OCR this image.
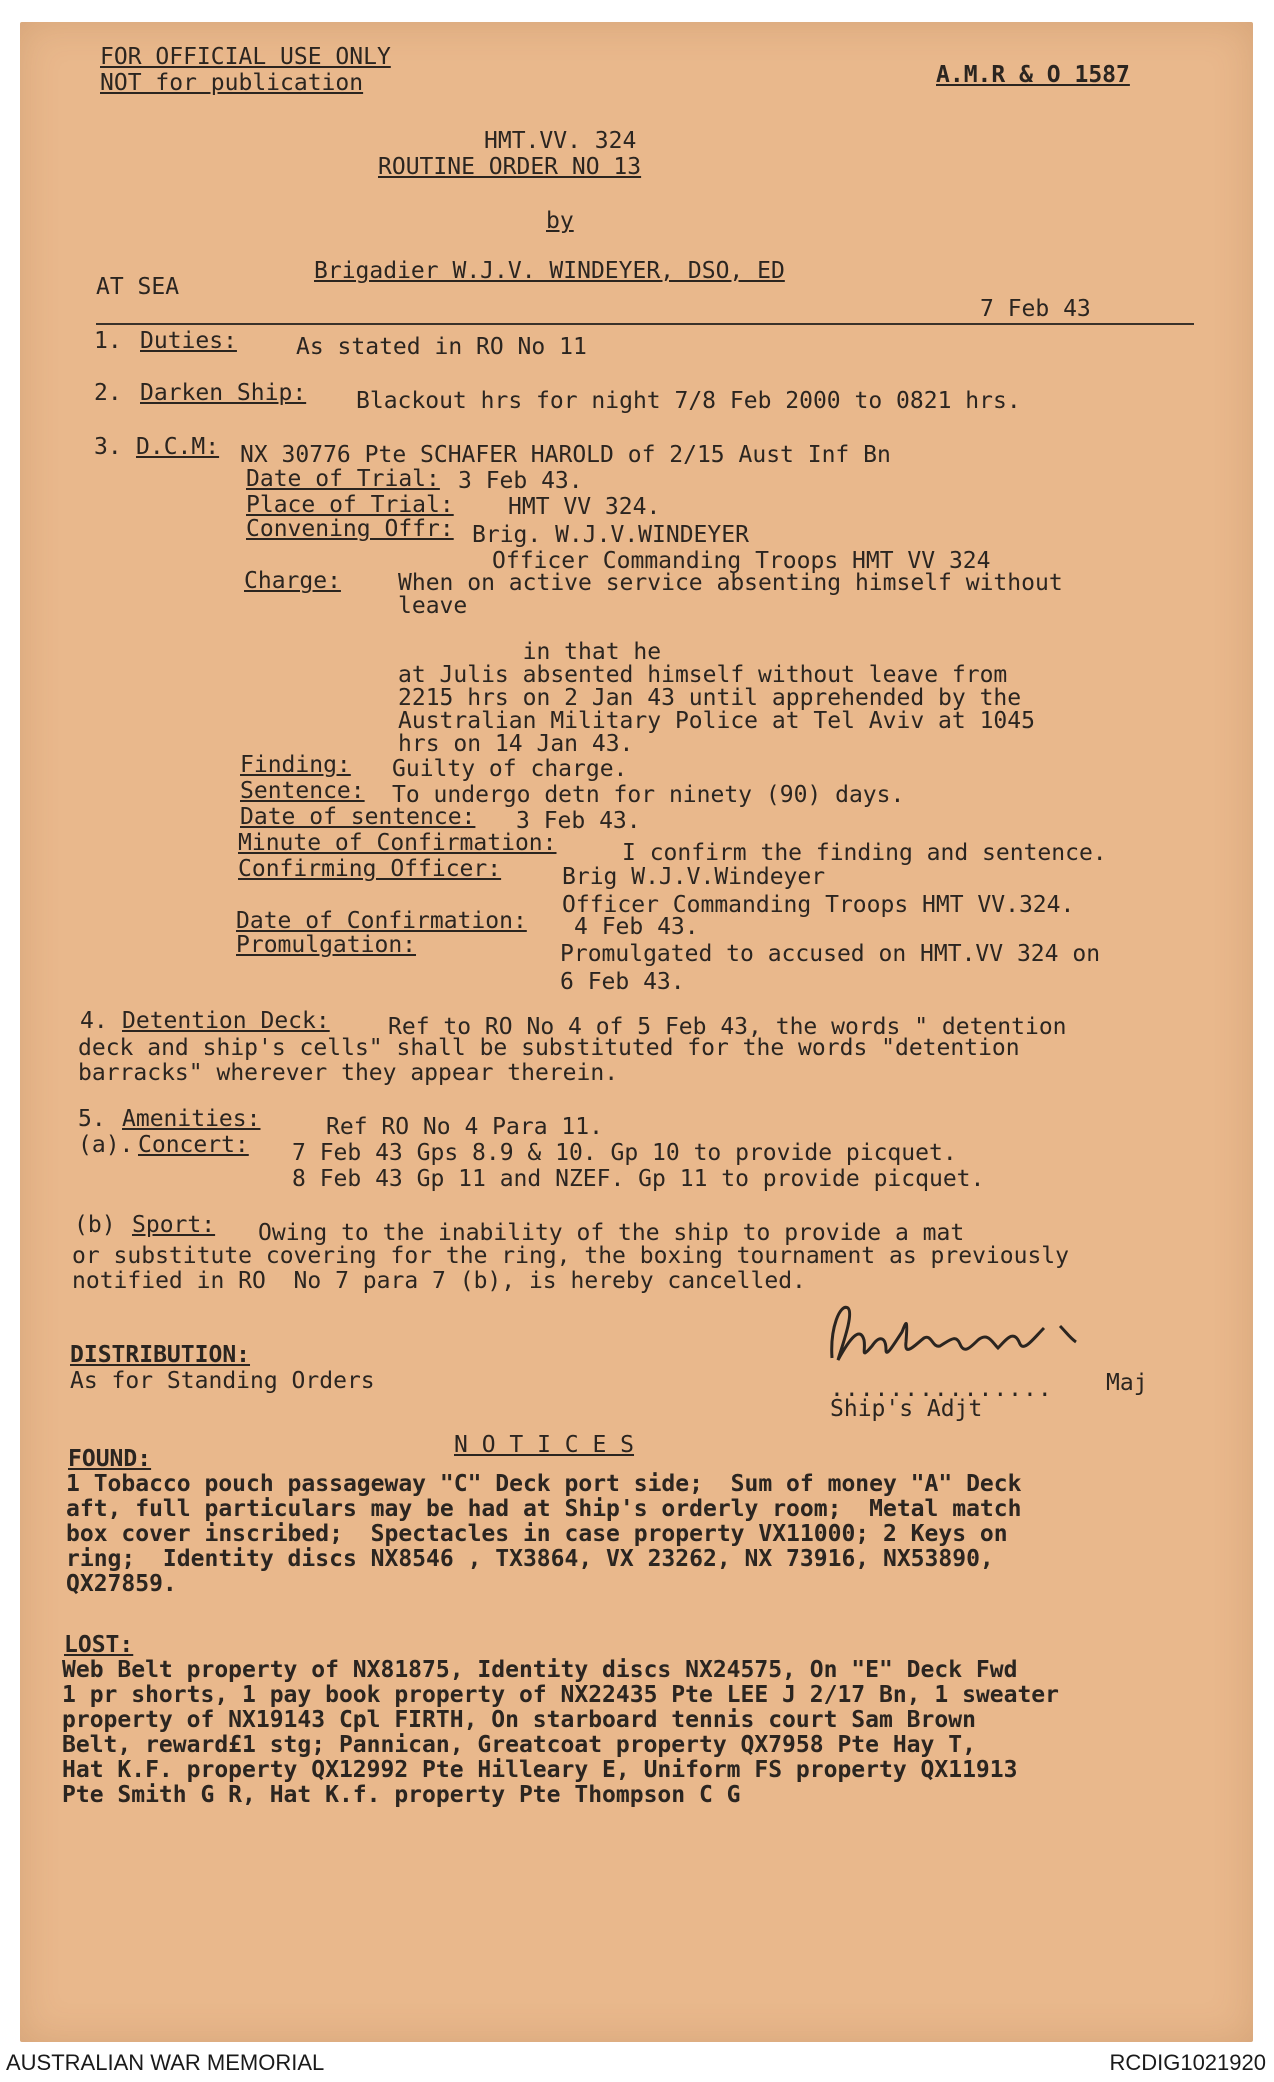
FOR OFFICIAL USE ONLY
NOT for publication	A.M.R & O 1587
HMT.VV. 324
ROUTINE ORDER NO 13
by
Brigadier W.J.V. WINDEYER, DSO, ED
AT SEA
7 Feb 43
1. Duties:	As stated in RO No 11
2. Darken Ship: Blackout hrs for night 7/8 Feb 2000 to 0821 hrs.
3. D.C.M: NX 30776 Pte SCHAFER HAROLD of 2/15 Aust Inf Bn
Date of Trial: 3 Feb 43.
Place of Trial: HMT VV 324.
Convening Offr: Brig. W.J.V.WINDEYER
Officer Commanding Troops HMT VV 324
Charge: When on active service absenting himself without
leave

in that he
at Julis absented himself without leave from
2215 hrs on 2 Jan 43 until apprehended by the
Australian Military Police at Tel Aviv at 1045
hrs on 14 Jan 43.
Finding: Guilty of charge.
Sentence: To undergo detn for ninety (90) days.
Date of sentence: 3 Feb 43.
Minute of Confirmation:	I confirm the finding and sentence.
Confirming Officer:	Brig W.J.V.Windeyer
Officer Commanding Troops HMT VV.324.
Date of Confirmation: 4 Feb 43.
Promulgation:	Promulgated to accused on HMT.VV 324 on
6 Feb 43.
4. Detention Deck:	Ref to RO No 4 of 5 Feb 43, the words " detention
deck and ship's cells" shall be substituted for the words "detention
barracks" wherever they appear therein.
5. Amenities:	Ref RO No 4 Para 11.
(a). Concert: 7 Feb 43 Gps 8.9 & 10. Gp 10 to provide picquet.
8 Feb 43 Gp 11 and NZEF. Gp 11 to provide picquet.
(b) Sport: Owing to the inability of the ship to provide a mat
or substitute covering for the ring, the boxing tournament as previously
notified in RO  No 7 para 7 (b), is hereby cancelled.
DISTRIBUTION:
As for Standing Orders	............... Maj
Ship's Adjt
N O T I C E S
FOUND:
1 Tobacco pouch passageway "C" Deck port side;  Sum of money "A" Deck
aft, full particulars may be had at Ship's orderly room;  Metal match
box cover inscribed;  Spectacles in case property VX11000; 2 Keys on
ring;  Identity discs NX8546 , TX3864, VX 23262, NX 73916, NX53890,
QX27859.
LOST:
Web Belt property of NX81875, Identity discs NX24575, On "E" Deck Fwd
1 pr shorts, 1 pay book property of NX22435 Pte LEE J 2/17 Bn, 1 sweater
property of NX19143 Cpl FIRTH, On starboard tennis court Sam Brown
Belt, reward£1 stg; Pannican, Greatcoat property QX7958 Pte Hay T,
Hat K.F. property QX12992 Pte Hilleary E, Uniform FS property QX11913
Pte Smith G R, Hat K.f. property Pte Thompson C G
AUSTRALIAN WAR MEMORIAL	RCDIG1021920
